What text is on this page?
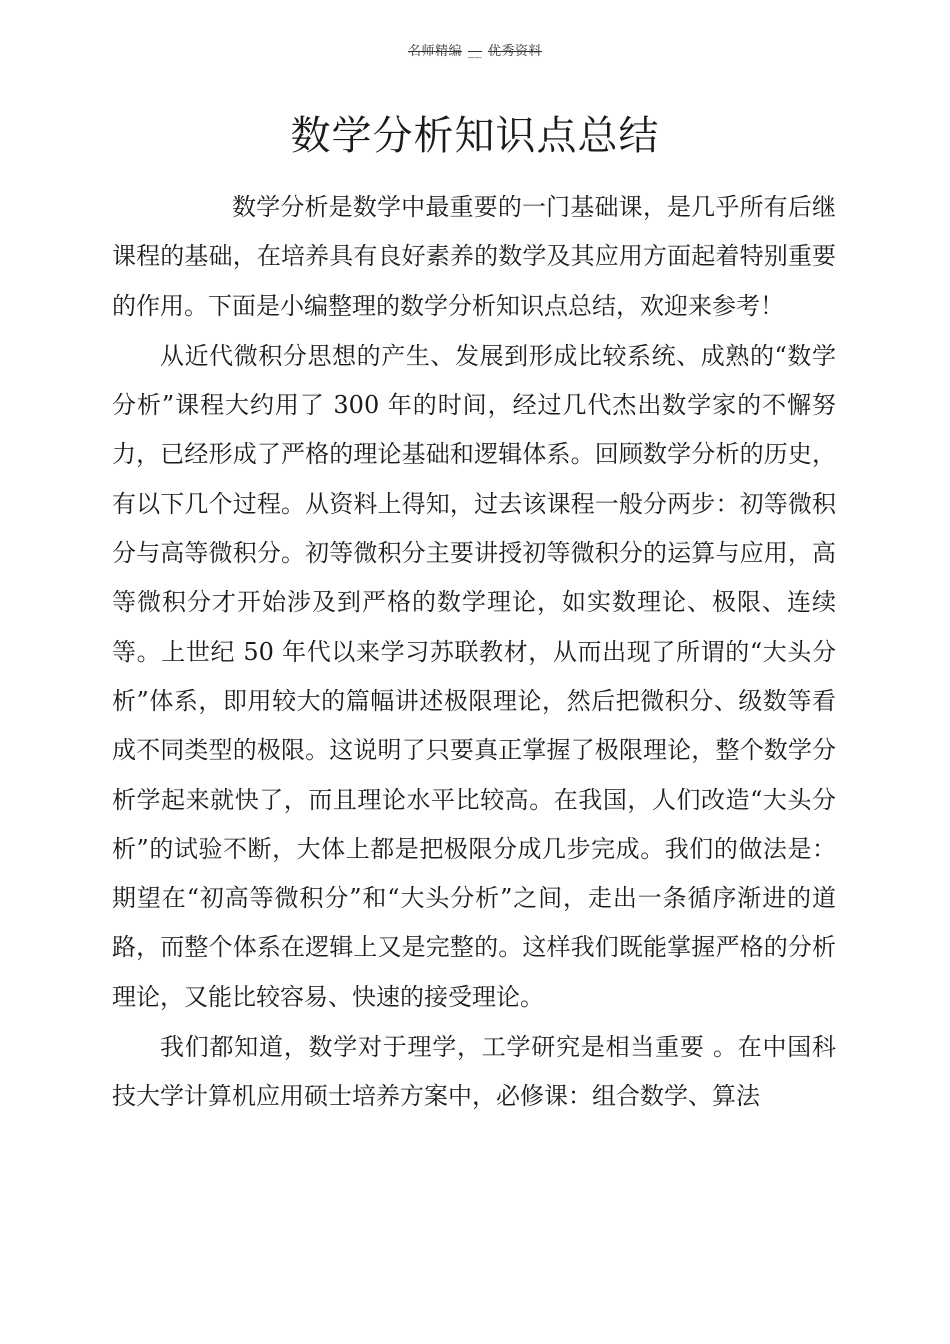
名师精编 __ 优秀资料
数学分析知识点总结

数学分析是数学中最重要的一门基础课，是几乎所有后继课程的基础，在培养具有良好素养的数学及其应用方面起着特别重要的作用。下面是小编整理的数学分析知识点总结，欢迎来参考！

从近代微积分思想的产生、发展到形成比较系统、成熟的“数学分析”课程大约用了 300 年的时间，经过几代杰出数学家的不懈努力，已经形成了严格的理论基础和逻辑体系。回顾数学分析的历史，有以下几个过程。从资料上得知，过去该课程一般分两步：初等微积分与高等微积分。初等微积分主要讲授初等微积分的运算与应用，高等微积分才开始涉及到严格的数学理论，如实数理论、极限、连续等。上世纪 50 年代以来学习苏联教材，从而出现了所谓的“大头分析”体系，即用较大的篇幅讲述极限理论，然后把微积分、级数等看成不同类型的极限。这说明了只要真正掌握了极限理论，整个数学分析学起来就快了，而且理论水平比较高。在我国，人们改造“大头分析”的试验不断，大体上都是把极限分成几步完成。我们的做法是：期望在“初高等微积分”和“大头分析”之间，走出一条循序渐进的道路，而整个体系在逻辑上又是完整的。这样我们既能掌握严格的分析理论，又能比较容易、快速的接受理论。

我们都知道，数学对于理学，工学研究是相当重要 。在中国科技大学计算机应用硕士培养方案中，必修课：组合数学、算法
